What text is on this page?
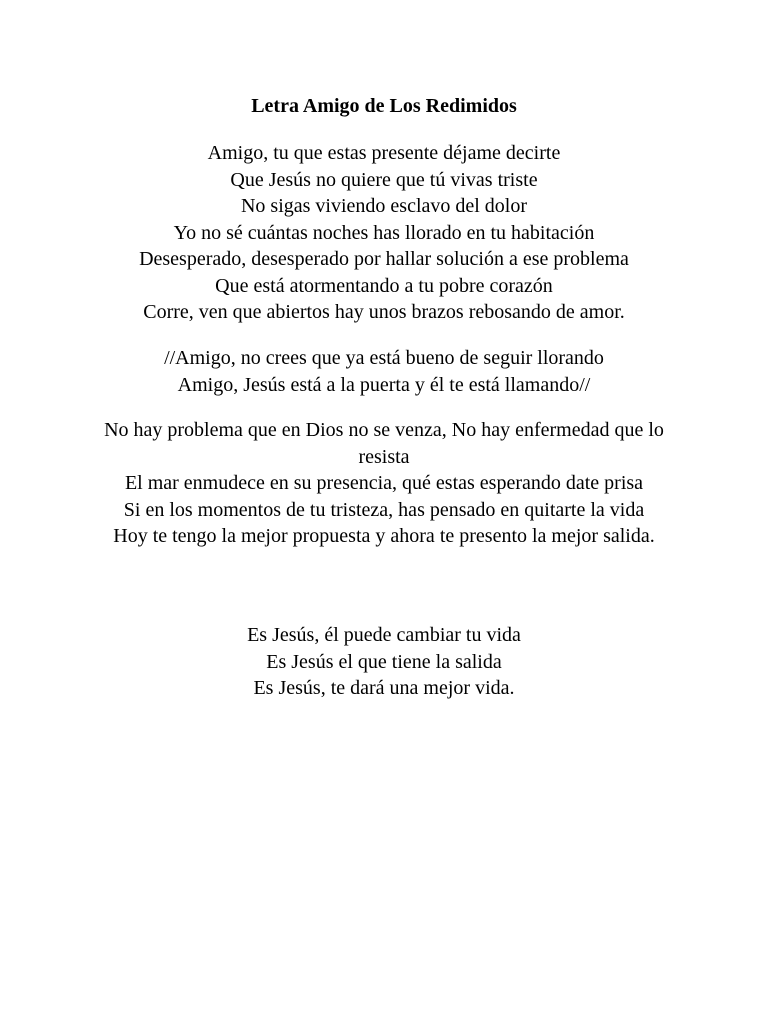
Letra Amigo de Los Redimidos
Amigo, tu que estas presente déjame decirte
Que Jesús no quiere que tú vivas triste
No sigas viviendo esclavo del dolor
Yo no sé cuántas noches has llorado en tu habitación
Desesperado, desesperado por hallar solución a ese problema
Que está atormentando a tu pobre corazón
Corre, ven que abiertos hay unos brazos rebosando de amor.
//Amigo, no crees que ya está bueno de seguir llorando
Amigo, Jesús está a la puerta y él te está llamando//
No hay problema que en Dios no se venza, No hay enfermedad que lo resista
El mar enmudece en su presencia, qué estas esperando date prisa
Si en los momentos de tu tristeza, has pensado en quitarte la vida
Hoy te tengo la mejor propuesta y ahora te presento la mejor salida.
Es Jesús, él puede cambiar tu vida
Es Jesús el que tiene la salida
Es Jesús, te dará una mejor vida.
